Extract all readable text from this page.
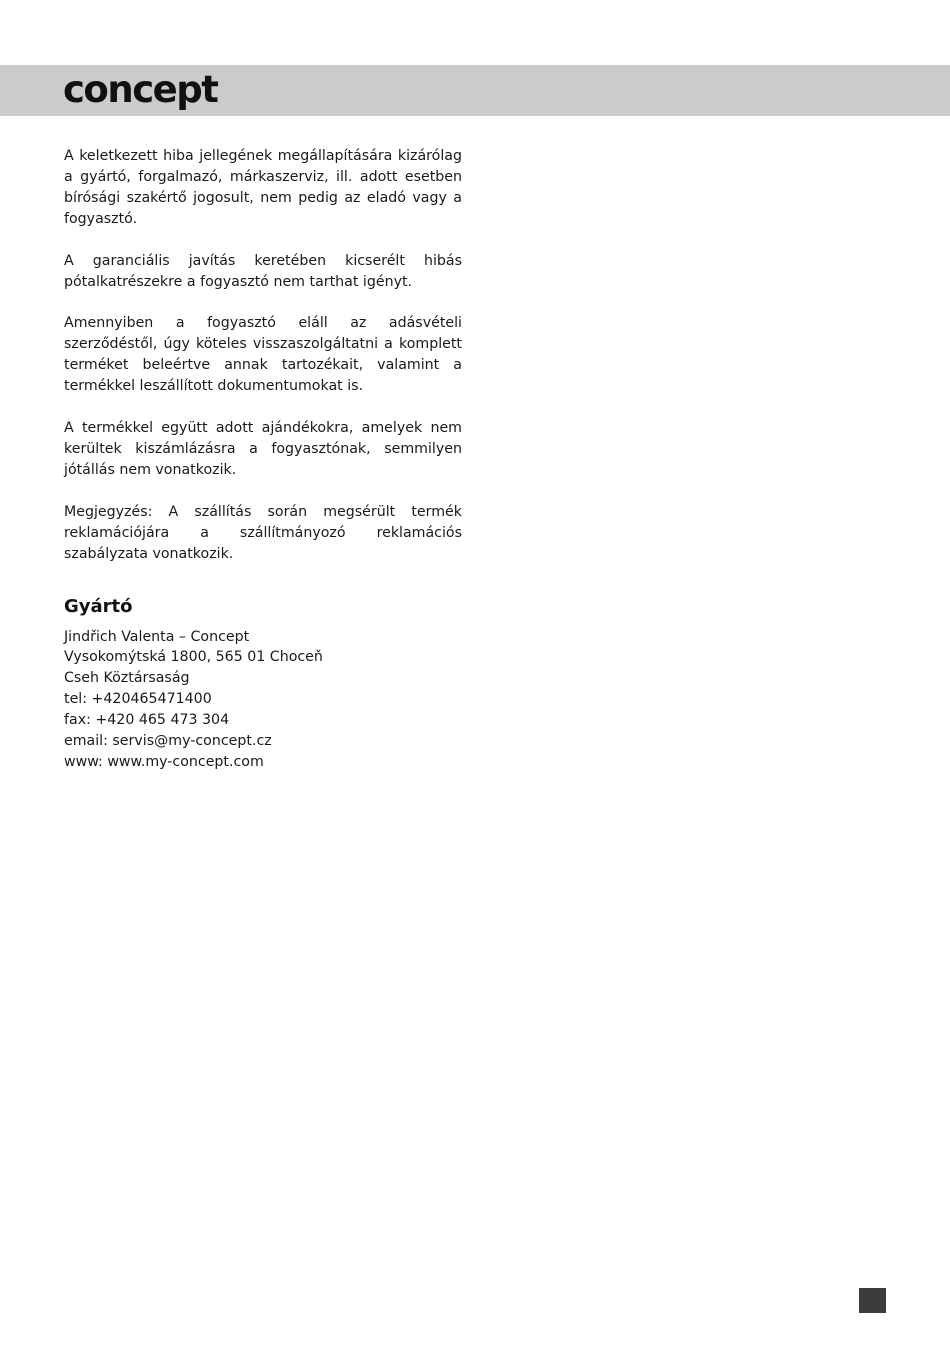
concept

A keletkezett hiba jellegének megállapítására kizárólag a gyártó, forgalmazó, márkaszerviz, ill. adott esetben bírósági szakértő jogosult, nem pedig az eladó vagy a fogyasztó.

A garanciális javítás keretében kicserélt hibás pótalkatrészekre a fogyasztó nem tarthat igényt.

Amennyiben a fogyasztó eláll az adásvételi szerződéstől, úgy köteles visszaszolgáltatni a komplett terméket beleértve annak tartozékait, valamint a termékkel leszállított dokumentumokat is.

A termékkel együtt adott ajándékokra, amelyek nem kerültek kiszámlázásra a fogyasztónak, semmilyen jótállás nem vonatkozik.

Megjegyzés: A szállítás során megsérült termék reklamációjára a szállítmányozó reklamációs szabályzata vonatkozik.

Gyártó
Jindřich Valenta – Concept
Vysokomýtská 1800, 565 01 Choceň
Cseh Köztársaság
tel: +420465471400
fax: +420 465 473 304
email: servis@my-concept.cz
www: www.my-concept.com
